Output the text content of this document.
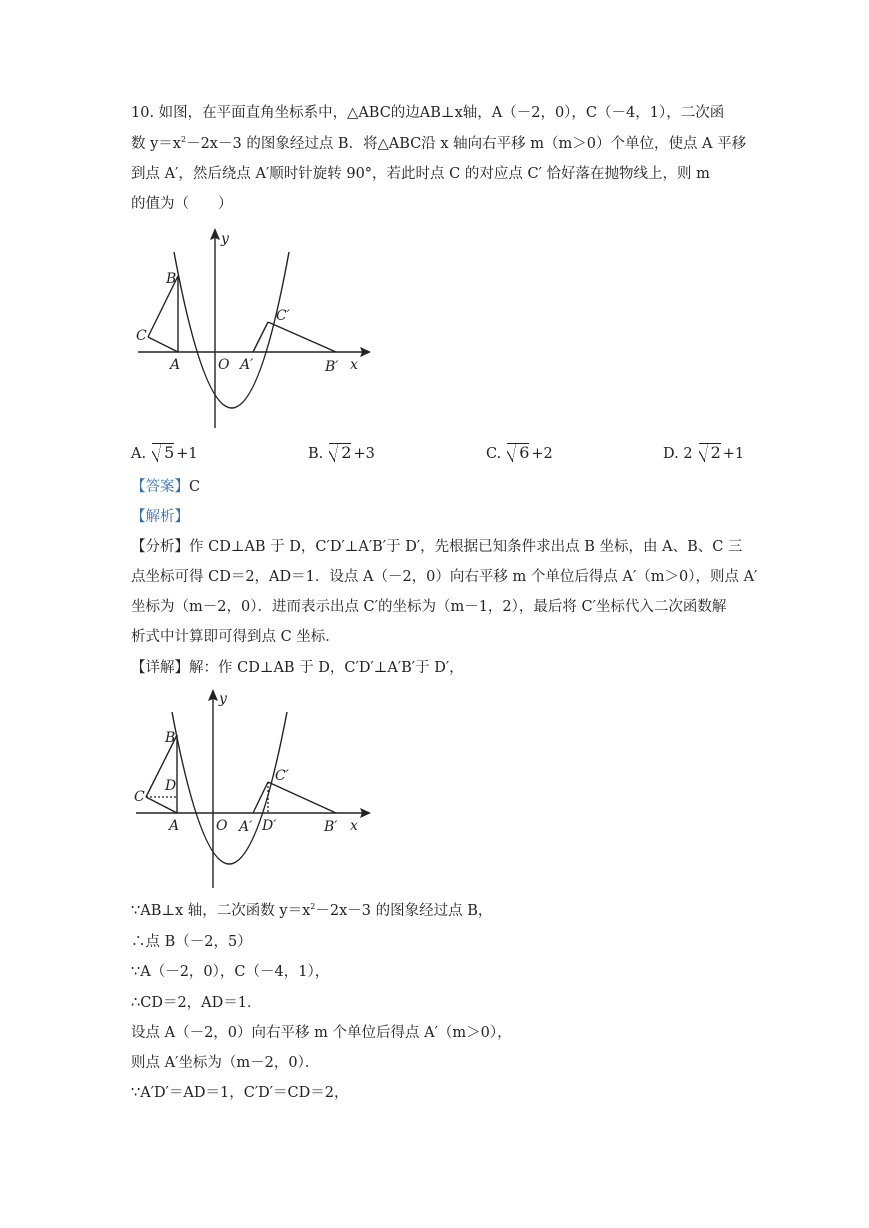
10. 如图，在平面直角坐标系中，△ABC的边AB⊥x轴，A（－2，0），C（－4，1），二次函
数 $y=x^2-2x-3$ 的图象经过点 B．将△ABC沿 x 轴向右平移 m（m＞0）个单位，使点 A 平移
到点 A′，然后绕点 A′顺时针旋转 90°，若此时点 C 的对应点 C′ 恰好落在抛物线上，则 m
的值为（　　）
y
x
B
C
A	O A′	B′
C′
A. 5 +1	B. 2 +3	C. 6 +2	D. 2 2 +1
【答案】C
【解析】
【分析】作 CD⊥AB 于 D，C′D′⊥A′B′于 D′，先根据已知条件求出点 B 坐标，由 A、B、C 三
点坐标可得 CD＝2，AD＝1．设点 A（－2，0）向右平移 m 个单位后得点 A′（m＞0），则点 A′
坐标为（m－2，0）．进而表示出点 C′的坐标为（m－1，2），最后将 C′坐标代入二次函数解
析式中计算即可得到点 C 坐标．
【详解】解：作 CD⊥AB 于 D，C′D′⊥A′B′于 D′，
y
x
B
D
C
A	O A′ D′	B′
C′
∵AB⊥x 轴，二次函数 $y=x^2-2x-3$ 的图象经过点 B，
∴点 B（－2，5）
∵A（－2，0），C（－4，1），
∴CD＝2，AD＝1．
设点 A（－2，0）向右平移 m 个单位后得点 A′（m＞0），
则点 A′坐标为（m－2，0）．
∵A′D′＝AD＝1，C′D′＝CD＝2，
